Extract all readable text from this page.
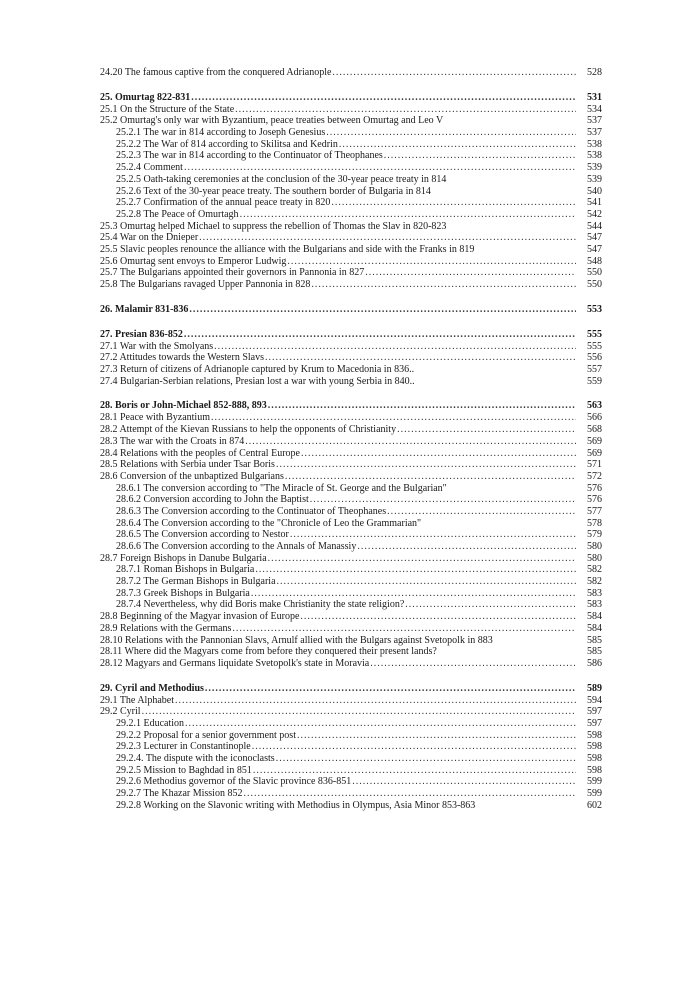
24.20 The famous captive from the conquered Adrianople .....	528
25. Omurtag 822-831 .....	531
25.1 On the Structure of the State .....	534
25.2 Omurtag's only war with Byzantium, peace treaties between Omurtag and Leo V	537
25.2.1 The war in 814 according to Joseph Genesius .....	537
25.2.2 The War of 814 according to Skilitsa and Kedrin .....	538
25.2.3 The war in 814 according to the Continuator of Theophanes .....	538
25.2.4 Comment .....	539
25.2.5 Oath-taking ceremonies at the conclusion of the 30-year peace treaty in 814	539
25.2.6 Text of the 30-year peace treaty. The southern border of Bulgaria in 814	540
25.2.7 Confirmation of the annual peace treaty in 820 .....	541
25.2.8 The Peace of Omurtagh .....	542
25.3 Omurtag helped Michael to suppress the rebellion of Thomas the Slav in 820-823	544
25.4 War on the Dnieper .....	547
25.5 Slavic peoples renounce the alliance with the Bulgarians and side with the Franks in 819	547
25.6 Omurtag sent envoys to Emperor Ludwig .....	548
25.7 The Bulgarians appointed their governors in Pannonia in 827 .....	550
25.8 The Bulgarians ravaged Upper Pannonia in 828 .....	550
26. Malamir 831-836 .....	553
27. Presian 836-852 .....	555
27.1 War with the Smolyans .....	555
27.2 Attitudes towards the Western Slavs .....	556
27.3 Return of citizens of Adrianople captured by Krum to Macedonia in 836..	557
27.4 Bulgarian-Serbian relations, Presian lost a war with young Serbia in 840..	559
28. Boris or John-Michael 852-888, 893 .....	563
28.1 Peace with Byzantium .....	566
28.2 Attempt of the Kievan Russians to help the opponents of Christianity .....	568
28.3 The war with the Croats in 874 .....	569
28.4 Relations with the peoples of Central Europe .....	569
28.5 Relations with Serbia under Tsar Boris .....	571
28.6 Conversion of the unbaptized Bulgarians .....	572
28.6.1 The conversion according to "The Miracle of St. George and the Bulgarian"	576
28.6.2 Conversion according to John the Baptist .....	576
28.6.3 The Conversion according to the Continuator of Theophanes .....	577
28.6.4 The Conversion according to the "Chronicle of Leo the Grammarian"	578
28.6.5 The Conversion according to Nestor .....	579
28.6.6 The Conversion according to the Annals of Manassiy .....	580
28.7 Foreign Bishops in Danube Bulgaria .....	580
28.7.1 Roman Bishops in Bulgaria .....	582
28.7.2 The German Bishops in Bulgaria .....	582
28.7.3 Greek Bishops in Bulgaria .....	583
28.7.4 Nevertheless, why did Boris make Christianity the state religion? .....	583
28.8 Beginning of the Magyar invasion of Europe .....	584
28.9 Relations with the Germans .....	584
28.10 Relations with the Pannonian Slavs, Arnulf allied with the Bulgars against Svetopolk in 883	585
28.11 Where did the Magyars come from before they conquered their present lands?	585
28.12 Magyars and Germans liquidate Svetopolk's state in Moravia .....	586
29. Cyril and Methodius .....	589
29.1 The Alphabet .....	594
29.2 Cyril .....	597
29.2.1 Education .....	597
29.2.2 Proposal for a senior government post .....	598
29.2.3 Lecturer in Constantinople .....	598
29.2.4. The dispute with the iconoclasts .....	598
29.2.5 Mission to Baghdad in 851 .....	598
29.2.6 Methodius governor of the Slavic province 836-851 .....	599
29.2.7 The Khazar Mission 852 .....	599
29.2.8 Working on the Slavonic writing with Methodius in Olympus, Asia Minor 853-863	602
